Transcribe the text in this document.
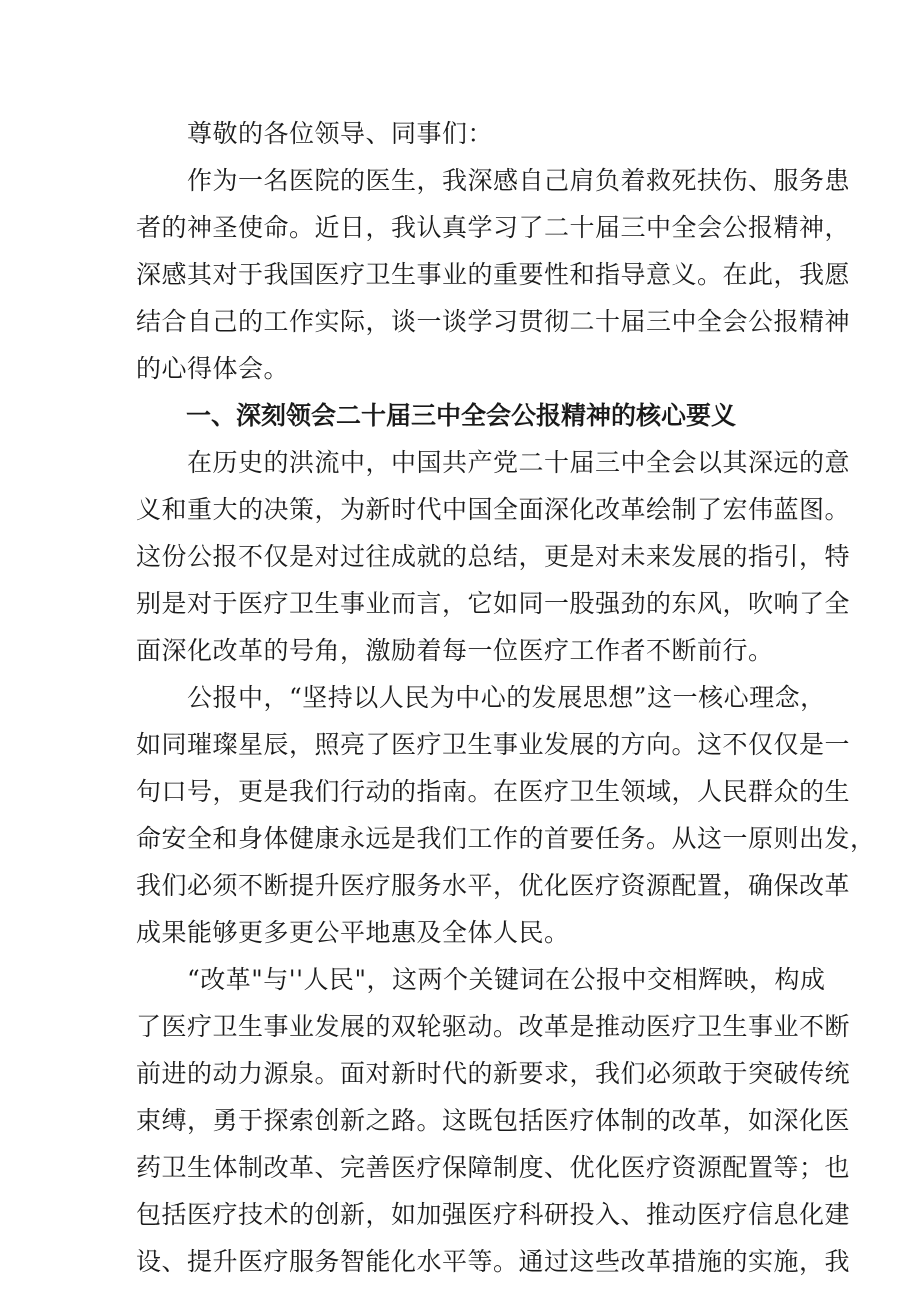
尊敬的各位领导、同事们：
作为一名医院的医生，我深感自己肩负着救死扶伤、服务患
者的神圣使命。近日，我认真学习了二十届三中全会公报精神，
深感其对于我国医疗卫生事业的重要性和指导意义。在此，我愿
结合自己的工作实际，谈一谈学习贯彻二十届三中全会公报精神
的心得体会。
一、深刻领会二十届三中全会公报精神的核心要义
在历史的洪流中，中国共产党二十届三中全会以其深远的意
义和重大的决策，为新时代中国全面深化改革绘制了宏伟蓝图。
这份公报不仅是对过往成就的总结，更是对未来发展的指引，特
别是对于医疗卫生事业而言，它如同一股强劲的东风，吹响了全
面深化改革的号角，激励着每一位医疗工作者不断前行。
公报中，“坚持以人民为中心的发展思想”这一核心理念，
如同璀璨星辰，照亮了医疗卫生事业发展的方向。这不仅仅是一
句口号，更是我们行动的指南。在医疗卫生领域，人民群众的生
命安全和身体健康永远是我们工作的首要任务。从这一原则出发，
我们必须不断提升医疗服务水平，优化医疗资源配置，确保改革
成果能够更多更公平地惠及全体人民。
“改革"与''人民"，这两个关键词在公报中交相辉映，构成
了医疗卫生事业发展的双轮驱动。改革是推动医疗卫生事业不断
前进的动力源泉。面对新时代的新要求，我们必须敢于突破传统
束缚，勇于探索创新之路。这既包括医疗体制的改革，如深化医
药卫生体制改革、完善医疗保障制度、优化医疗资源配置等；也
包括医疗技术的创新，如加强医疗科研投入、推动医疗信息化建
设、提升医疗服务智能化水平等。通过这些改革措施的实施，我
